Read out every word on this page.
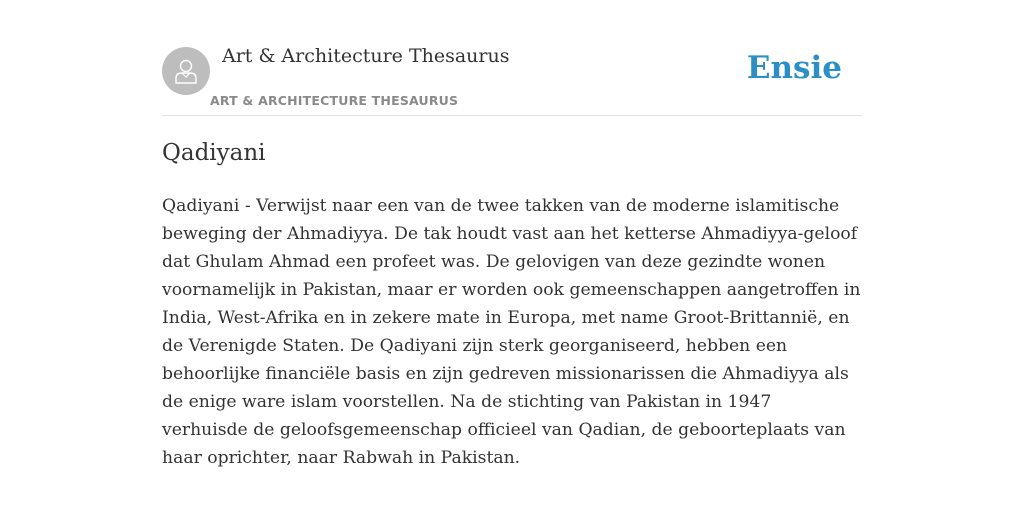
Art & Architecture Thesaurus
ART & ARCHITECTURE THESAURUS
Ensie
Qadiyani

Qadiyani - Verwijst naar een van de twee takken van de moderne islamitische beweging der Ahmadiyya. De tak houdt vast aan het ketterse Ahmadiyya-geloof dat Ghulam Ahmad een profeet was. De gelovigen van deze gezindte wonen voornamelijk in Pakistan, maar er worden ook gemeenschappen aangetroffen in India, West-Afrika en in zekere mate in Europa, met name Groot-Brittannië, en de Verenigde Staten. De Qadiyani zijn sterk georganiseerd, hebben een behoorlijke financiële basis en zijn gedreven missionarissen die Ahmadiyya als de enige ware islam voorstellen. Na de stichting van Pakistan in 1947 verhuisde de geloofsgemeenschap officieel van Qadian, de geboorteplaats van haar oprichter, naar Rabwah in Pakistan.
